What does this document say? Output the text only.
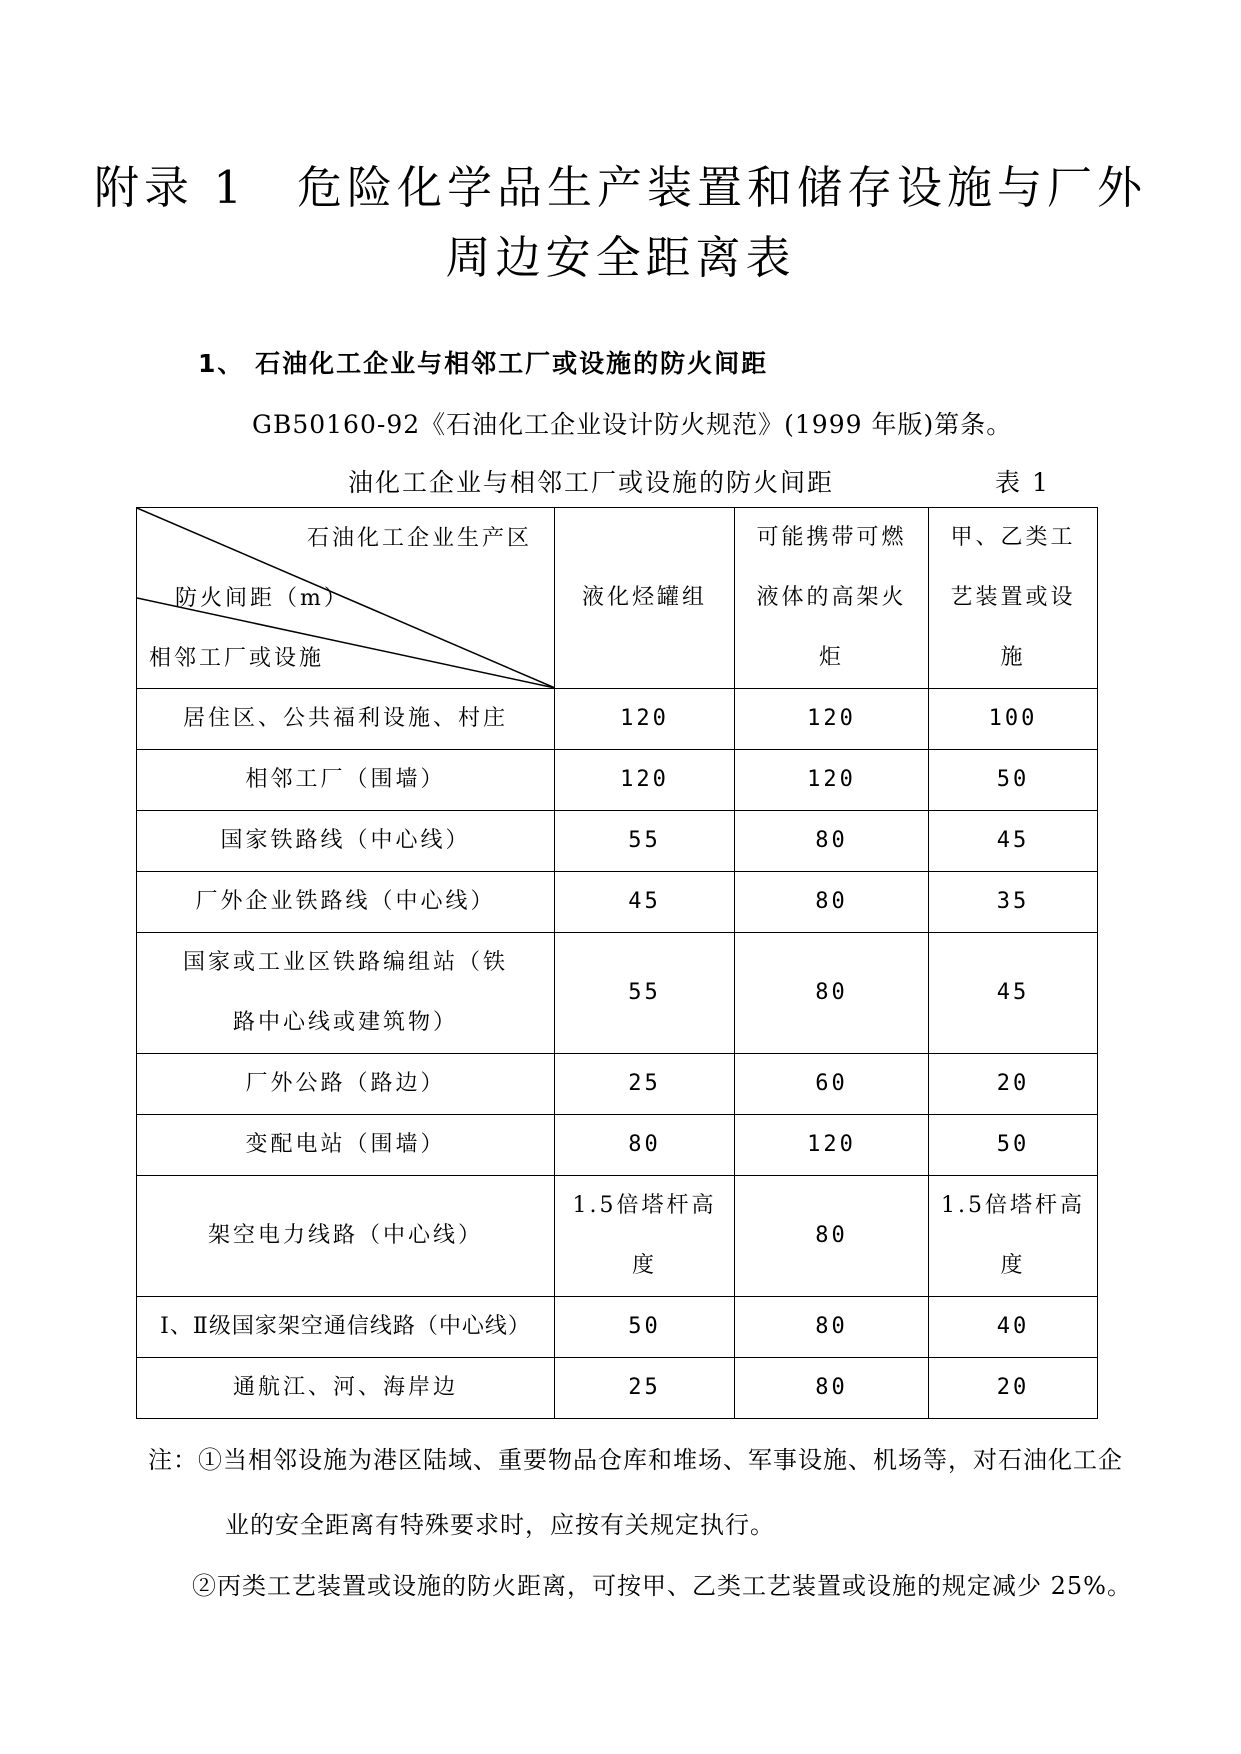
附录 1　危险化学品生产装置和储存设施与厂外
周边安全距离表
1、 石油化工企业与相邻工厂或设施的防火间距
GB50160-92《石油化工企业设计防火规范》(1999 年版)第条。
油化工企业与相邻工厂或设施的防火间距	表 1
石油化工企业生产区
防火间距（m）
相邻工厂或设施	液化烃罐组	可能携带可燃液体的高架火炬	甲、乙类工艺装置或设施
居住区、公共福利设施、村庄	120	120	100
相邻工厂（围墙）	120	120	50
国家铁路线（中心线）	55	80	45
厂外企业铁路线（中心线）	45	80	35
国家或工业区铁路编组站（铁路中心线或建筑物）	55	80	45
厂外公路（路边）	25	60	20
变配电站（围墙）	80	120	50
架空电力线路（中心线）	1.5倍塔杆高度	80	1.5倍塔杆高度
Ⅰ、Ⅱ级国家架空通信线路（中心线）	50	80	40
通航江、河、海岸边	25	80	20
注：①当相邻设施为港区陆域、重要物品仓库和堆场、军事设施、机场等，对石油化工企
业的安全距离有特殊要求时，应按有关规定执行。
②丙类工艺装置或设施的防火距离，可按甲、乙类工艺装置或设施的规定减少 25%。
